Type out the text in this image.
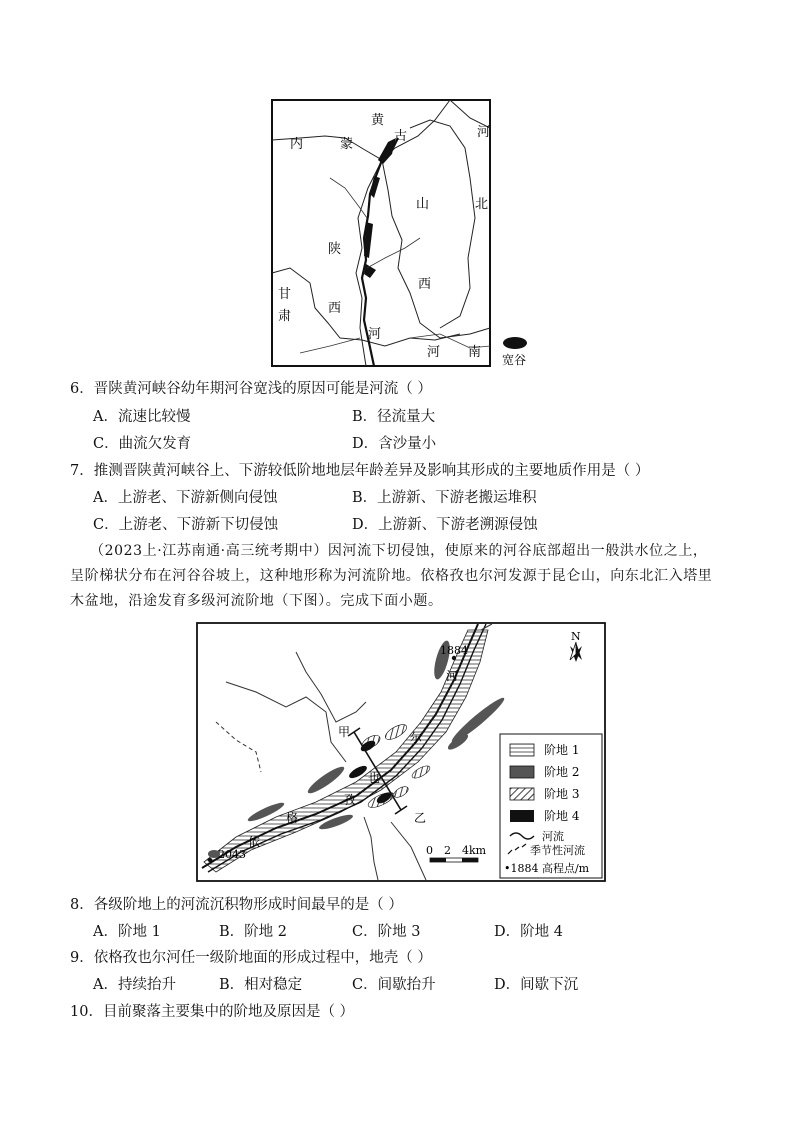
黄
内	蒙
古	河
山	北
陕
西
甘
肃
西
河
河 南 宽谷
6．晋陕黄河峡谷幼年期河谷宽浅的原因可能是河流（ ）
A．流速比较慢	B．径流量大
C．曲流欠发育	D．含沙量小
7．推测晋陕黄河峡谷上、下游较低阶地地层年龄差异及影响其形成的主要地质作用是（ ）
A．上游老、下游新侧向侵蚀	B．上游新、下游老搬运堆积
C．上游老、下游新下切侵蚀	D．上游新、下游老溯源侵蚀
（2023上·江苏南通·高三统考期中）因河流下切侵蚀，使原来的河谷底部超出一般洪水位之上，
呈阶梯状分布在河谷谷坡上，这种地形称为河流阶地。依格孜也尔河发源于昆仑山，向东北汇入塔里
木盆地，沿途发育多级河流阶地（下图）。完成下面小题。
1884
2043
依
格
孜
也
尔
河
甲
乙
N
0　2　4km
阶地 1
阶地 2
阶地 3
阶地 4
河流
季节性河流
•1884 高程点/m
8．各级阶地上的河流沉积物形成时间最早的是（ ）
A．阶地 1	B．阶地 2	C．阶地 3	D．阶地 4
9．依格孜也尔河任一级阶地面的形成过程中，地壳（ ）
A．持续抬升	B．相对稳定	C．间歇抬升	D．间歇下沉
10．目前聚落主要集中的阶地及原因是（ ）
